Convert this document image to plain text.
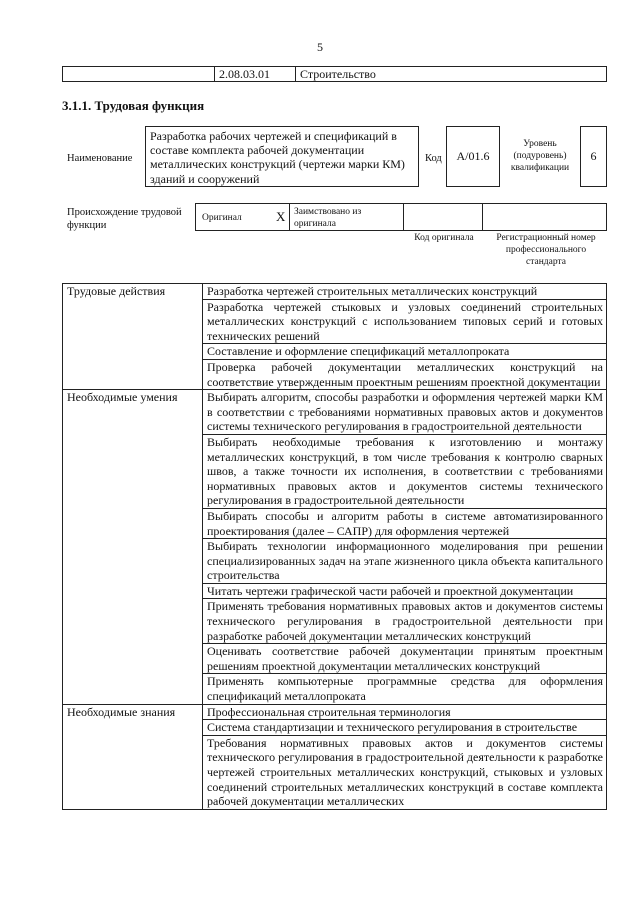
5
2.08.03.01	Строительство
3.1.1. Трудовая функция
Наименование
Разработка рабочих чертежей и спецификаций в составе комплекта рабочей документации металлических конструкций (чертежи марки КМ) зданий и сооружений
Код	A/01.6
Уровень (подуровень) квалификации
6
Происхождение трудовой функции
Оригинал	X Заимствовано из оригинала
Код оригинала	Регистрационный номер профессионального стандарта
Трудовые действия	Разработка чертежей строительных металлических конструкций
	Разработка чертежей стыковых и узловых соединений строительных металлических конструкций с использованием типовых серий и готовых технических решений
	Составление и оформление спецификаций металлопроката
	Проверка рабочей документации металлических конструкций на соответствие утвержденным проектным решениям проектной документации
Необходимые умения	Выбирать алгоритм, способы разработки и оформления чертежей марки КМ в соответствии с требованиями нормативных правовых актов и документов системы технического регулирования в градостроительной деятельности
	Выбирать необходимые требования к изготовлению и монтажу металлических конструкций, в том числе требования к контролю сварных швов, а также точности их исполнения, в соответствии с требованиями нормативных правовых актов и документов системы технического регулирования в градостроительной деятельности
	Выбирать способы и алгоритм работы в системе автоматизированного проектирования (далее – САПР) для оформления чертежей
	Выбирать технологии информационного моделирования при решении специализированных задач на этапе жизненного цикла объекта капитального строительства
	Читать чертежи графической части рабочей и проектной документации
	Применять требования нормативных правовых актов и документов системы технического регулирования в градостроительной деятельности при разработке рабочей документации металлических конструкций
	Оценивать соответствие рабочей документации принятым проектным решениям проектной документации металлических конструкций
	Применять компьютерные программные средства для оформления спецификаций металлопроката
Необходимые знания	Профессиональная строительная терминология
	Система стандартизации и технического регулирования в строительстве
	Требования нормативных правовых актов и документов системы технического регулирования в градостроительной деятельности к разработке чертежей строительных металлических конструкций, стыковых и узловых соединений строительных металлических конструкций в составе комплекта рабочей документации металлических
